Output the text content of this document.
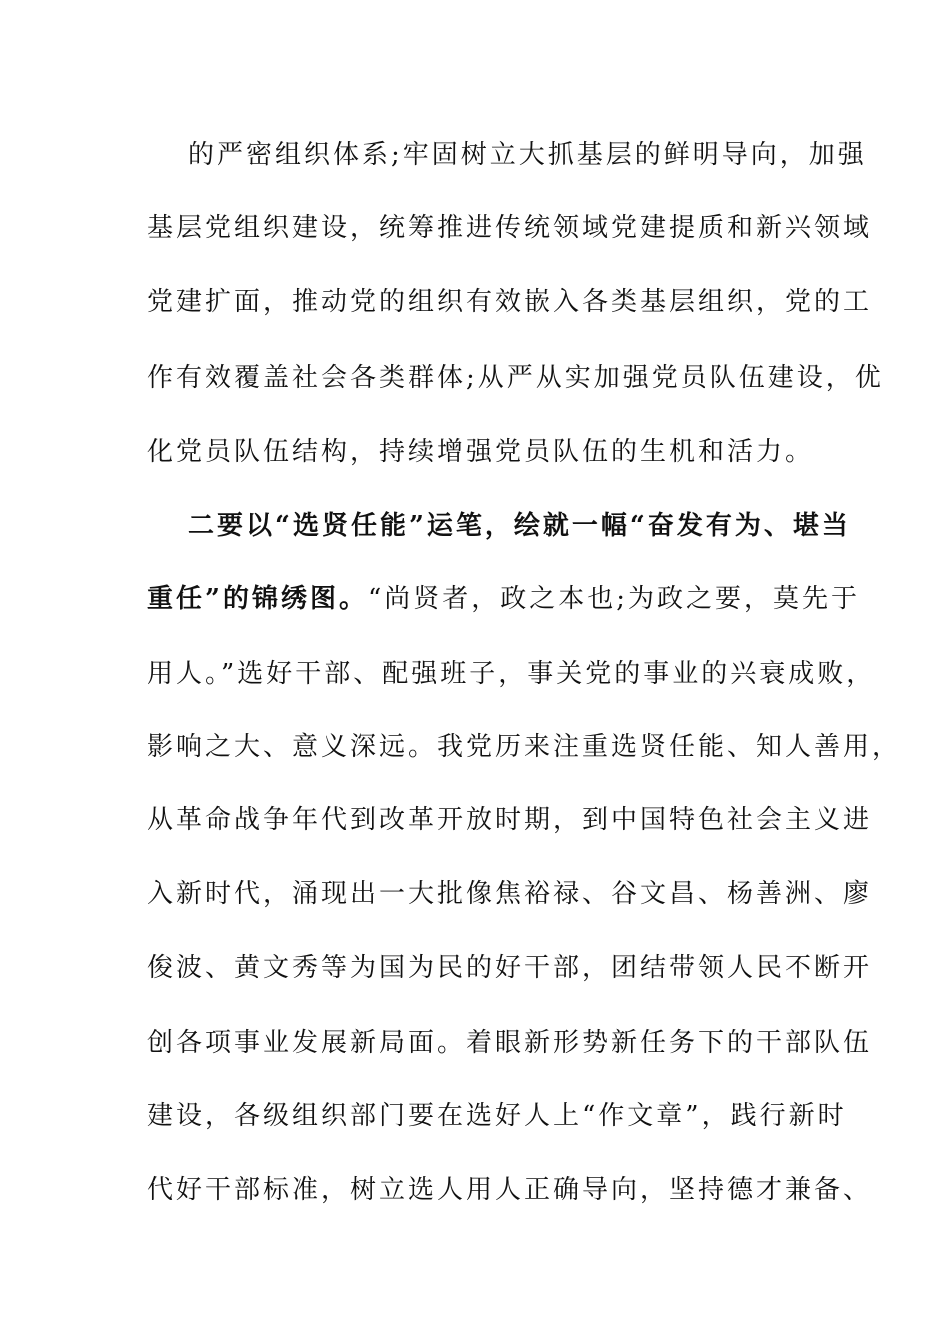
的严密组织体系;牢固树立大抓基层的鲜明导向，加强
基层党组织建设，统筹推进传统领域党建提质和新兴领域
党建扩面，推动党的组织有效嵌入各类基层组织，党的工
作有效覆盖社会各类群体;从严从实加强党员队伍建设，优
化党员队伍结构，持续增强党员队伍的生机和活力。
二要以“选贤任能”运笔，绘就一幅“奋发有为、堪当
重任”的锦绣图。“尚贤者，政之本也;为政之要，莫先于
用人。”选好干部、配强班子，事关党的事业的兴衰成败，
影响之大、意义深远。我党历来注重选贤任能、知人善用，
从革命战争年代到改革开放时期，到中国特色社会主义进
入新时代，涌现出一大批像焦裕禄、谷文昌、杨善洲、廖
俊波、黄文秀等为国为民的好干部，团结带领人民不断开
创各项事业发展新局面。着眼新形势新任务下的干部队伍
建设，各级组织部门要在选好人上“作文章”，践行新时
代好干部标准，树立选人用人正确导向，坚持德才兼备、
